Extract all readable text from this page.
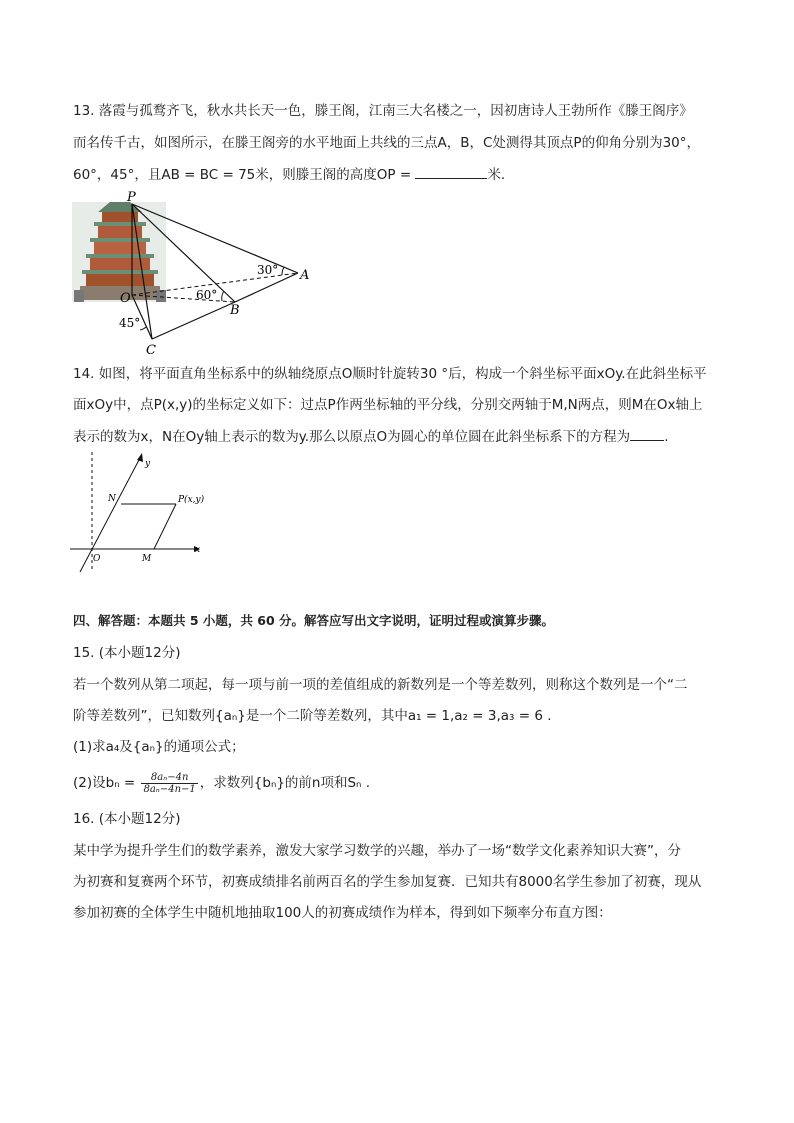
13. 落霞与孤鹜齐飞，秋水共长天一色，滕王阁，江南三大名楼之一，因初唐诗人王勃所作《滕王阁序》
而名传千古，如图所示，在滕王阁旁的水平地面上共线的三点A，B，C处测得其顶点P的仰角分别为30°，
60°，45°，且AB = BC = 75米，则滕王阁的高度OP =	米．
P
O
A
B
C
30°
60°
45°
14. 如图，将平面直角坐标系中的纵轴绕原点O顺时针旋转30 °后，构成一个斜坐标平面xOy.在此斜坐标平
面xOy中，点P(x,y)的坐标定义如下：过点P作两坐标轴的平分线，分别交两轴于M,N两点，则M在Ox轴上
表示的数为x，N在Oy轴上表示的数为y.那么以原点O为圆心的单位圆在此斜坐标系下的方程为	.
y
x
O
N
M
P(x,y)
四、解答题：本题共 5 小题，共 60 分。解答应写出文字说明，证明过程或演算步骤。
15. (本小题12分)
若一个数列从第二项起，每一项与前一项的差值组成的新数列是一个等差数列，则称这个数列是一个“二
阶等差数列”，已知数列{aₙ}是一个二阶等差数列，其中a₁ = 1,a₂ = 3,a₃ = 6 .
(1)求a₄及{aₙ}的通项公式；
(2)设$b_n = \frac{\text{8aₙ−4n}}{\text{8aₙ−4n−1}}$ ，求数列{bₙ}的前n项和Sₙ .
16. (本小题12分)
某中学为提升学生们的数学素养，激发大家学习数学的兴趣，举办了一场“数学文化素养知识大赛”，分
为初赛和复赛两个环节，初赛成绩排名前两百名的学生参加复赛．已知共有8000名学生参加了初赛，现从
参加初赛的全体学生中随机地抽取100人的初赛成绩作为样本，得到如下频率分布直方图：
